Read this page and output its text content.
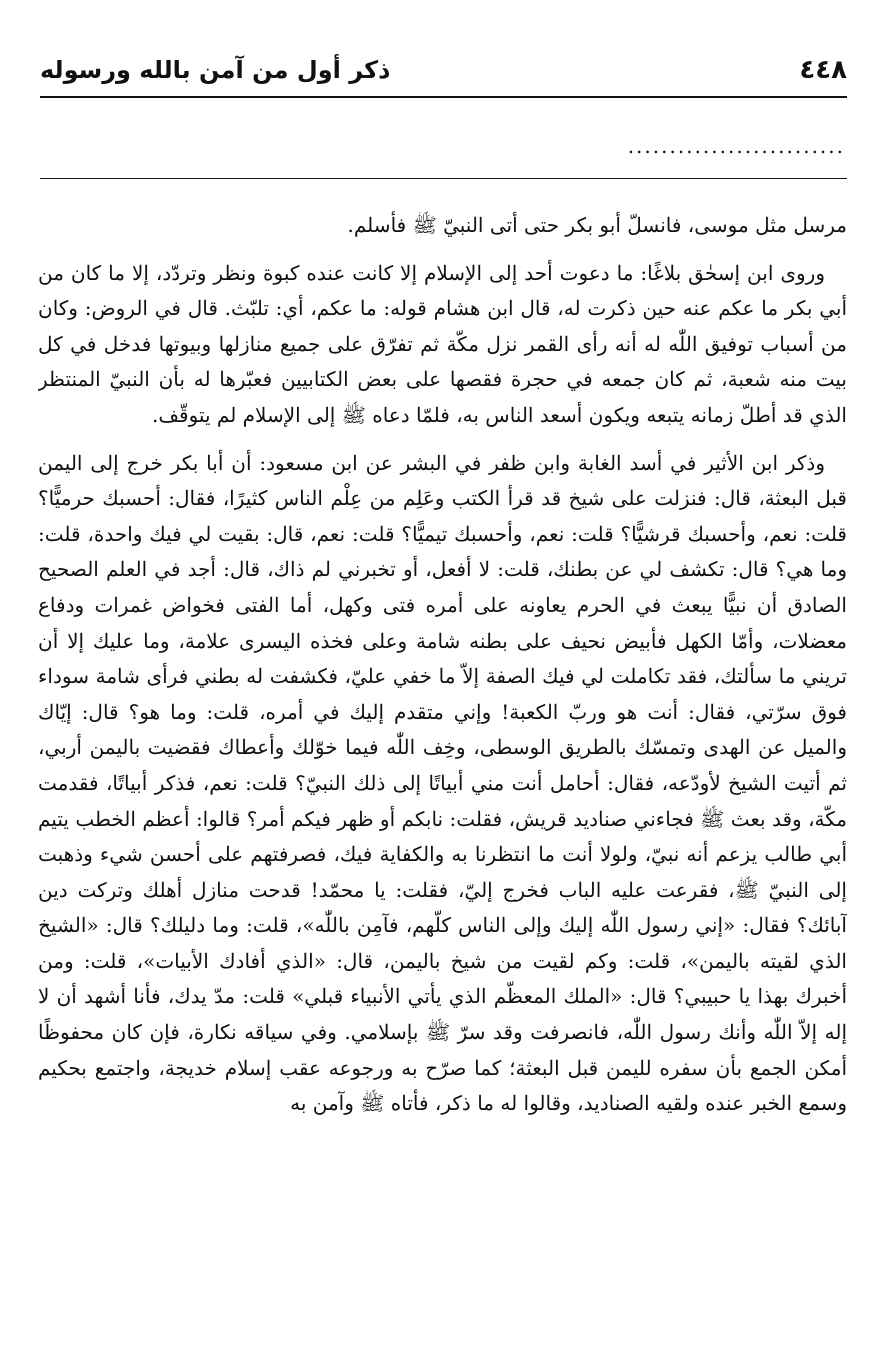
٤٤٨
ذكر أول من آمن بالله ورسوله
..........................

مرسل مثل موسى، فانسلّ أبو بكر حتى أتى النبيّ ﷺ فأسلم.

وروى ابن إسحٰق بلاغًا: ما دعوت أحد إلى الإسلام إلا كانت عنده كبوة ونظر وتردّد، إلا ما كان من أبي بكر ما عكم عنه حين ذكرت له، قال ابن هشام قوله: ما عكم، أي: تلبّث. قال في الروض: وكان من أسباب توفيق اللّٰه له أنه رأى القمر نزل مكّة ثم تفرّق على جميع منازلها وبيوتها فدخل في كل بيت منه شعبة، ثم كان جمعه في حجرة فقصها على بعض الكتابيين فعبّرها له بأن النبيّ المنتظر الذي قد أطلّ زمانه يتبعه ويكون أسعد الناس به، فلمّا دعاه ﷺ إلى الإسلام لم يتوقّف.

وذكر ابن الأثير في أسد الغابة وابن ظفر في البشر عن ابن مسعود: أن أبا بكر خرج إلى اليمن قبل البعثة، قال: فنزلت على شيخ قد قرأ الكتب وعَلِم من عِلْم الناس كثيرًا، فقال: أحسبك حرميًّا؟ قلت: نعم، وأحسبك قرشيًّا؟ قلت: نعم، وأحسبك تيميًّا؟ قلت: نعم، قال: بقيت لي فيك واحدة، قلت: وما هي؟ قال: تكشف لي عن بطنك، قلت: لا أفعل، أو تخبرني لم ذاك، قال: أجد في العلم الصحيح الصادق أن نبيًّا يبعث في الحرم يعاونه على أمره فتى وكهل، أما الفتى فخواض غمرات ودفاع معضلات، وأمّا الكهل فأبيض نحيف على بطنه شامة وعلى فخذه اليسرى علامة، وما عليك إلا أن تريني ما سألتك، فقد تكاملت لي فيك الصفة إلاّ ما خفي عليّ، فكشفت له بطني فرأى شامة سوداء فوق سرّتي، فقال: أنت هو وربّ الكعبة! وإني متقدم إليك في أمره، قلت: وما هو؟ قال: إيّاك والميل عن الهدى وتمسّك بالطريق الوسطى، وخِف اللّٰه فيما خوّلك وأعطاك فقضيت باليمن أربي، ثم أتيت الشيخ لأودّعه، فقال: أحامل أنت مني أبياتًا إلى ذلك النبيّ؟ قلت: نعم، فذكر أبياتًا، فقدمت مكّة، وقد بعث ﷺ فجاءني صناديد قريش، فقلت: نابكم أو ظهر فيكم أمر؟ قالوا: أعظم الخطب يتيم أبي طالب يزعم أنه نبيّ، ولولا أنت ما انتظرنا به والكفاية فيك، فصرفتهم على أحسن شيء وذهبت إلى النبيّ ﷺ، فقرعت عليه الباب فخرج إليّ، فقلت: يا محمّد! قدحت منازل أهلك وتركت دين آبائك؟ فقال: «إني رسول اللّٰه إليك وإلى الناس كلّهم، فآمِن باللّٰه»، قلت: وما دليلك؟ قال: «الشيخ الذي لقيته باليمن»، قلت: وكم لقيت من شيخ باليمن، قال: «الذي أفادك الأبيات»، قلت: ومن أخبرك بهذا يا حبيبي؟ قال: «الملك المعظّم الذي يأتي الأنبياء قبلي» قلت: مدّ يدك، فأنا أشهد أن لا إله إلاّ اللّٰه وأنك رسول اللّٰه، فانصرفت وقد سرّ ﷺ بإسلامي. وفي سياقه نكارة، فإن كان محفوظًا أمكن الجمع بأن سفره لليمن قبل البعثة؛ كما صرّح به ورجوعه عقب إسلام خديجة، واجتمع بحكيم وسمع الخبر عنده ولقيه الصناديد، وقالوا له ما ذكر، فأتاه ﷺ وآمن به
